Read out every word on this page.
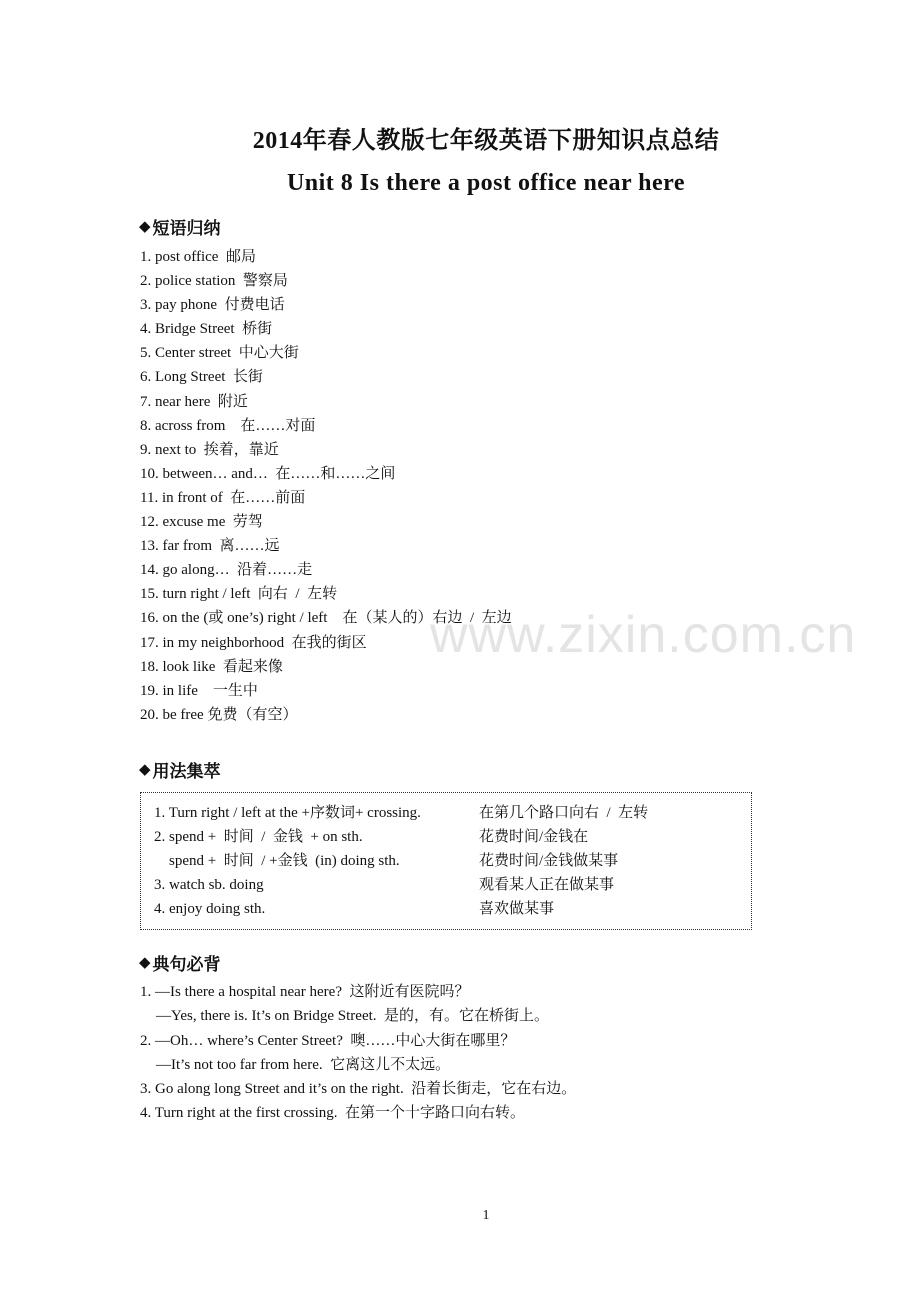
www.zixin.com.cn
2014年春人教版七年级英语下册知识点总结
Unit 8 Is there a post office near here
◆ 短语归纳
1. post office  邮局
2. police station  警察局
3. pay phone  付费电话
4. Bridge Street  桥街
5. Center street  中心大街
6. Long Street  长街
7. near here  附近
8. across from    在……对面
9. next to  挨着，靠近
10. between… and…  在……和……之间
11. in front of  在……前面
12. excuse me  劳驾
13. far from  离……远
14. go along…  沿着……走
15. turn right / left  向右  /  左转
16. on the (或 one’s) right / left    在（某人的）右边  /  左边
17. in my neighborhood  在我的街区
18. look like  看起来像
19. in life    一生中
20. be free 免费（有空）
◆ 用法集萃
1. Turn right / left at the +序数词+ crossing.	在第几个路口向右  /  左转
2. spend +  时间  /  金钱  + on sth.	花费时间/金钱在
spend +  时间  / +金钱  (in) doing sth.	花费时间/金钱做某事
3. watch sb. doing	观看某人正在做某事
4. enjoy doing sth.	喜欢做某事
◆ 典句必背
1. —Is there a hospital near here?  这附近有医院吗？
—Yes, there is. It’s on Bridge Street.  是的，有。它在桥街上。
2. —Oh… where’s Center Street?  噢……中心大街在哪里？
—It’s not too far from here.  它离这儿不太远。
3. Go along long Street and it’s on the right.  沿着长街走，它在右边。
4. Turn right at the first crossing.  在第一个十字路口向右转。
1
